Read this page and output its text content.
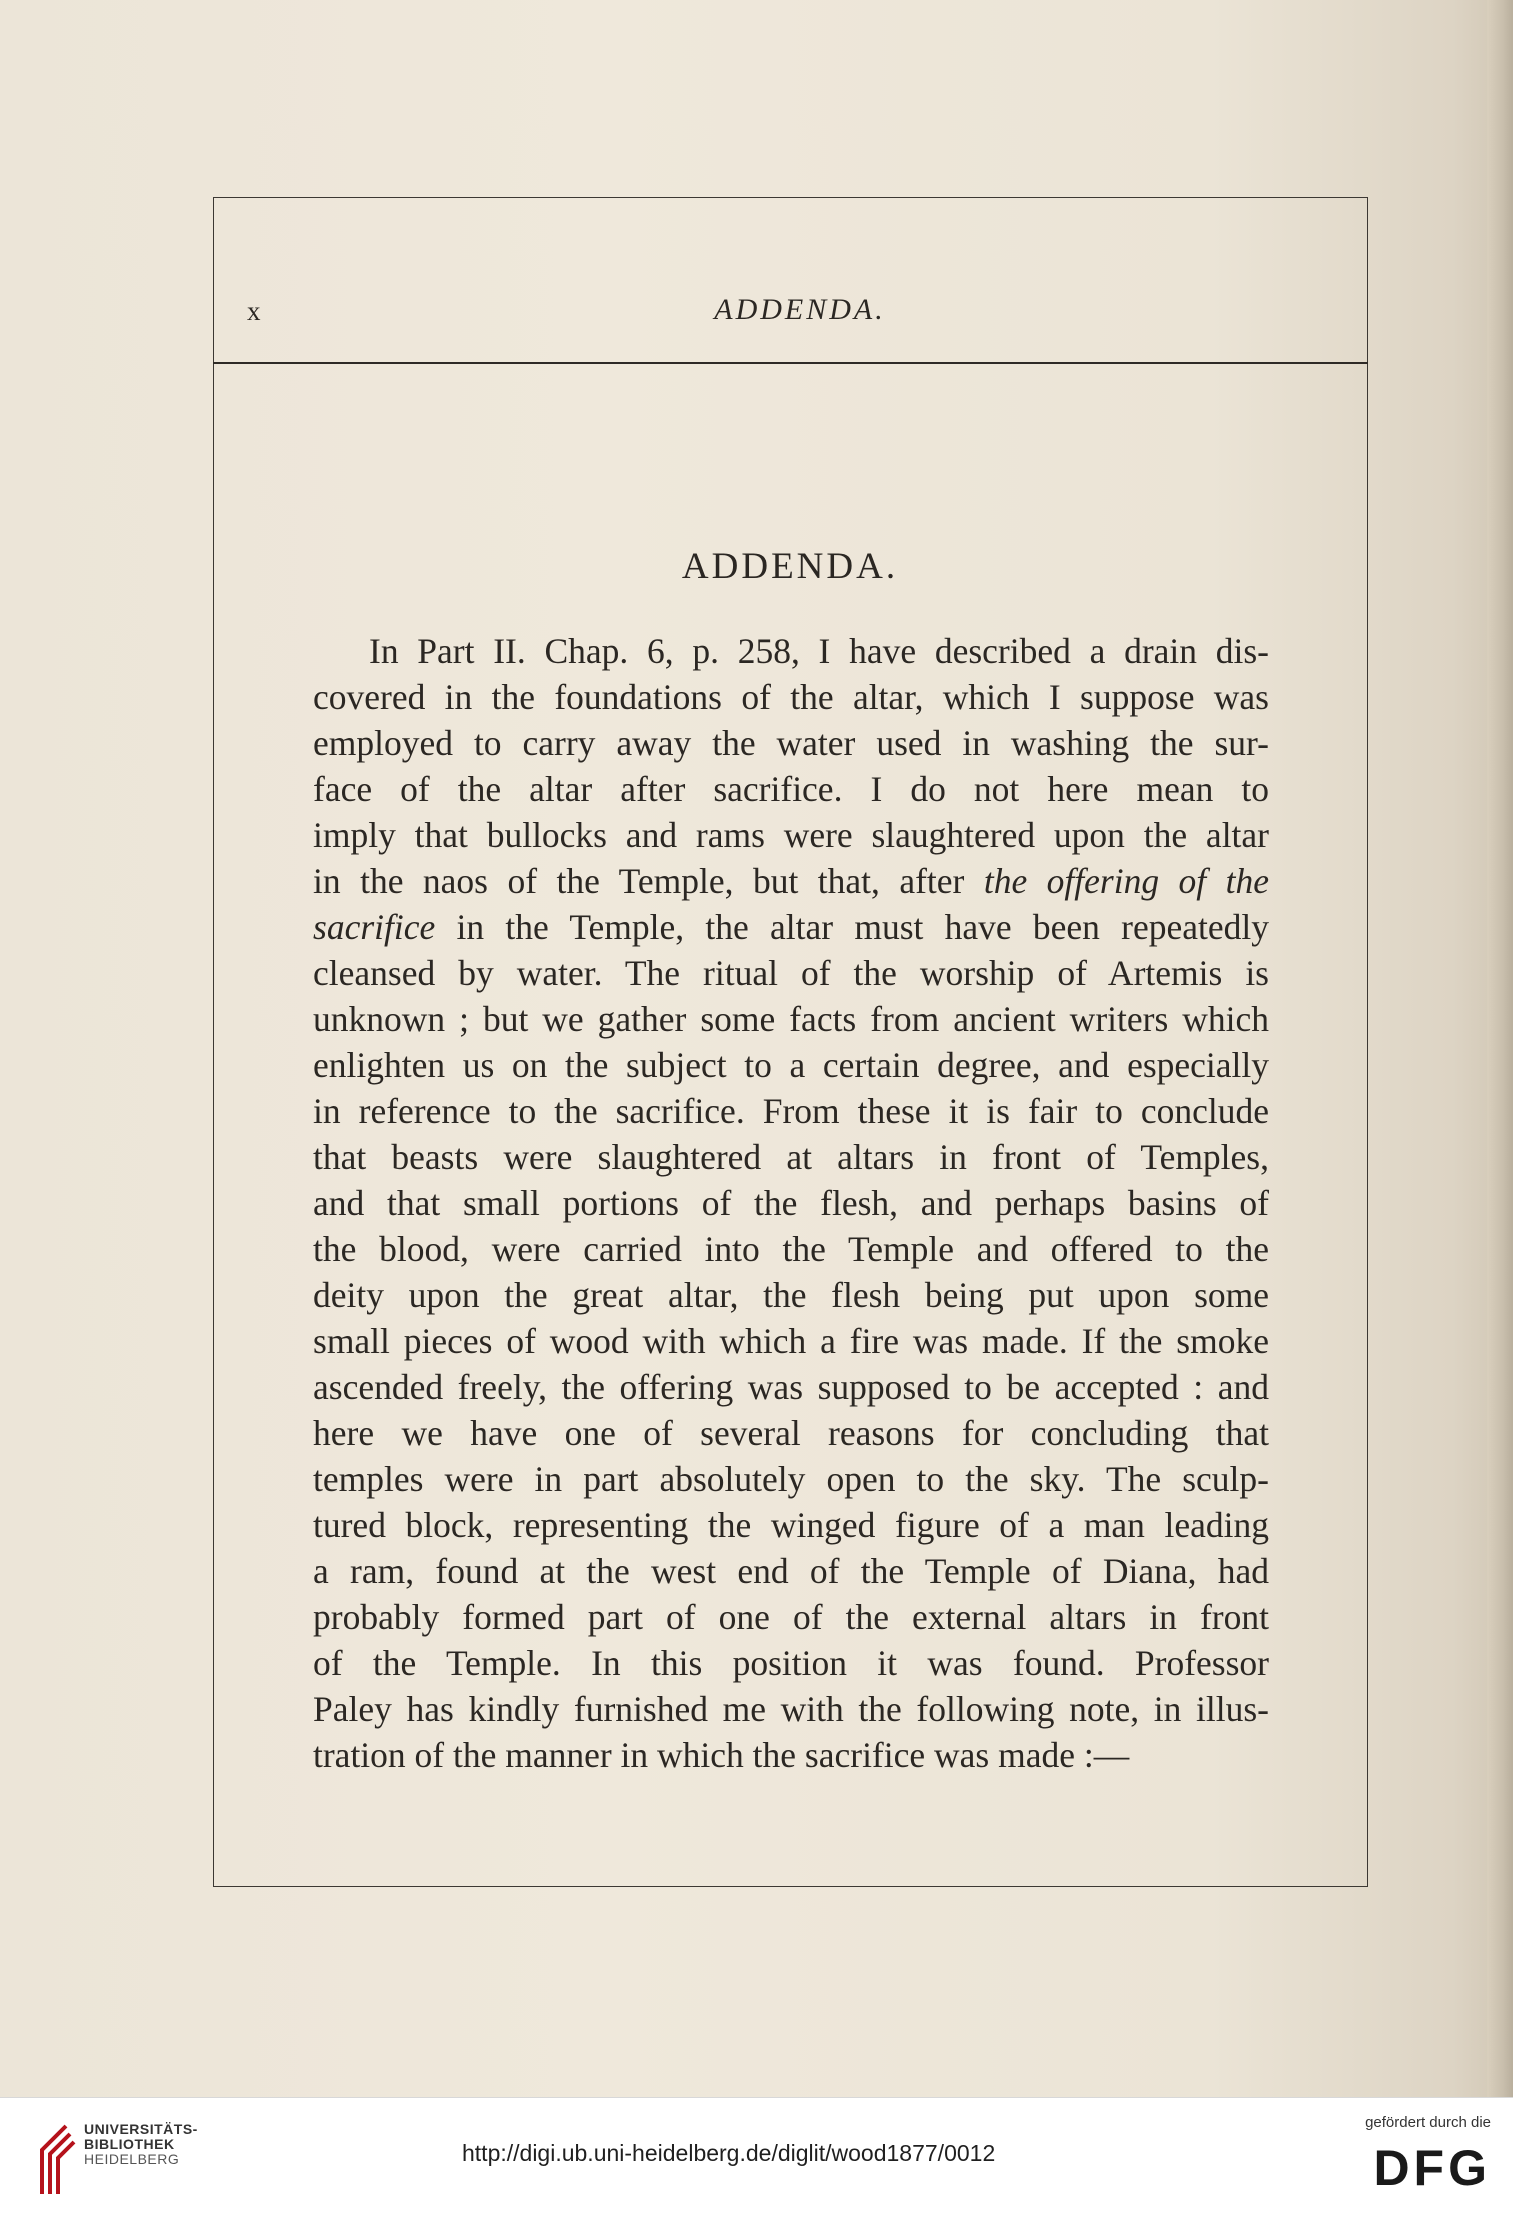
x	ADDENDA.
ADDENDA.
In Part II. Chap. 6, p. 258, I have described a drain dis-
covered in the foundations of the altar, which I suppose was
employed to carry away the water used in washing the sur-
face of the altar after sacrifice. I do not here mean to
imply that bullocks and rams were slaughtered upon the altar
in the naos of the Temple, but that, after the offering of the
sacrifice in the Temple, the altar must have been repeatedly
cleansed by water. The ritual of the worship of Artemis is
unknown ; but we gather some facts from ancient writers which
enlighten us on the subject to a certain degree, and especially
in reference to the sacrifice. From these it is fair to conclude
that beasts were slaughtered at altars in front of Temples,
and that small portions of the flesh, and perhaps basins of
the blood, were carried into the Temple and offered to the
deity upon the great altar, the flesh being put upon some
small pieces of wood with which a fire was made. If the smoke
ascended freely, the offering was supposed to be accepted : and
here we have one of several reasons for concluding that
temples were in part absolutely open to the sky. The sculp-
tured block, representing the winged figure of a man leading
a ram, found at the west end of the Temple of Diana, had
probably formed part of one of the external altars in front
of the Temple. In this position it was found. Professor
Paley has kindly furnished me with the following note, in illus-
tration of the manner in which the sacrifice was made :—
UNIVERSITÄTS-
BIBLIOTHEK
HEIDELBERG	http://digi.ub.uni-heidelberg.de/diglit/wood1877/0012
gefördert durch die
DFG
